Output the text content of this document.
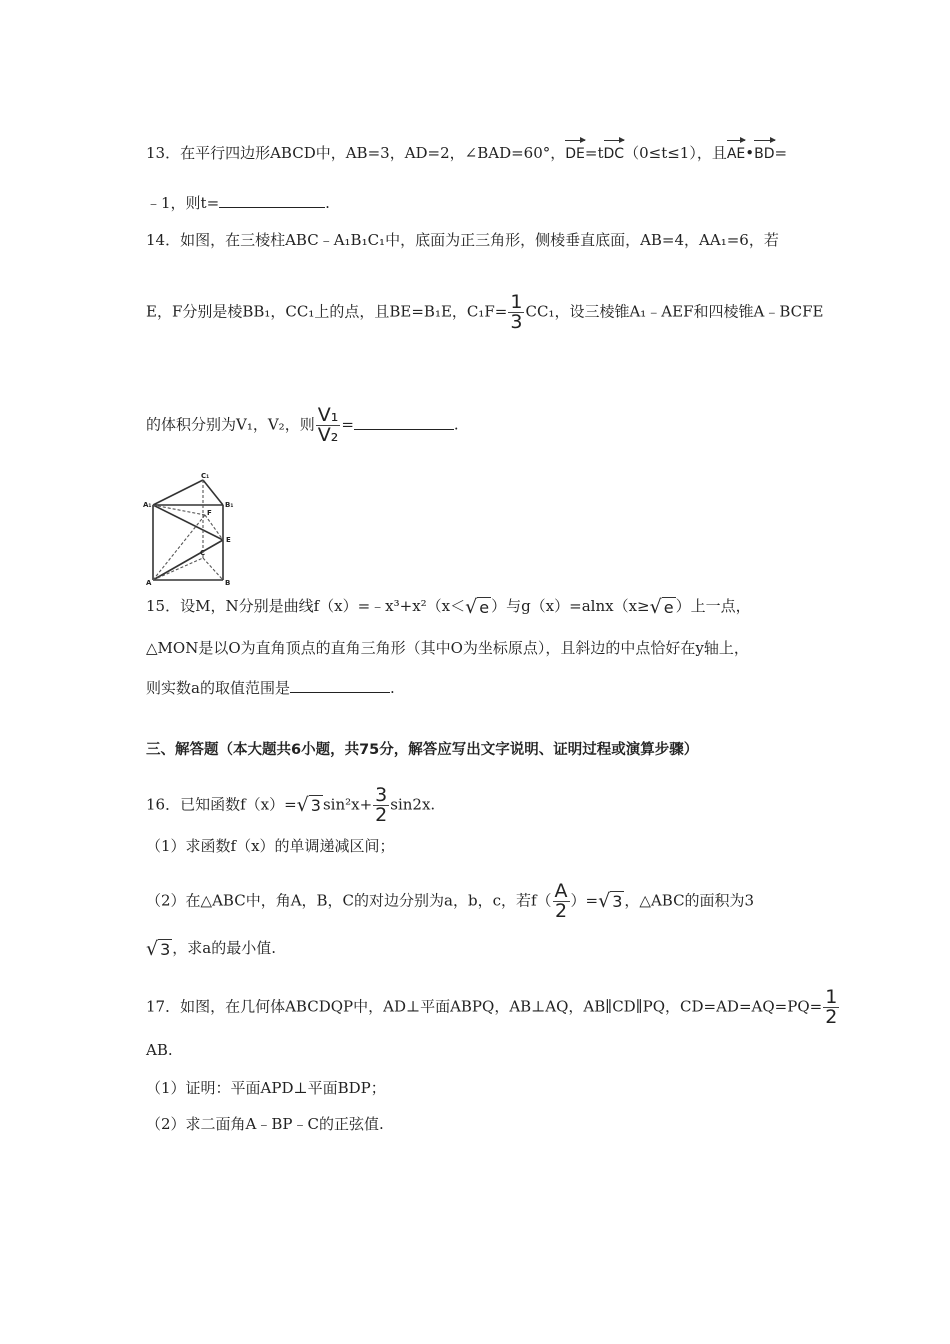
13．在平行四边形ABCD中，AB=3，AD=2，∠BAD=60°，DE=tDC（0≤t≤1），且AE•BD=
﹣1，则t=	.
14．如图，在三棱柱ABC﹣A₁B₁C₁中，底面为正三角形，侧棱垂直底面，AB=4，AA₁=6，若
E，F分别是棱BB₁，CC₁上的点，且BE=B₁E，$C_1F= \frac{1}{3} CC_1$，设三棱锥A₁﹣AEF和四棱锥A﹣BCFE
的体积分别为V₁，V₂，则 $\frac{\text{V₁}}{\text{V₂}}$ =	.
C₁
A₁	B₁
F
E
C
A	B
15．设M，N分别是曲线f（x）=﹣x³+x²（x＜√ e ）与g（x）=alnx（x≥√ e ）上一点，
△MON是以O为直角顶点的直角三角形（其中O为坐标原点），且斜边的中点恰好在y轴上，
则实数a的取值范围是	.
三、解答题（本大题共6小题，共75分，解答应写出文字说明、证明过程或演算步骤）
16．已知函数f（x）=√ 3 $\sin^2x+ \frac{3}{2} \sin 2x$.
（1）求函数f（x）的单调递减区间；
（2）在△ABC中，角A，B，C的对边分别为a，b，c，若$f( \frac{A}{2}$ ）=√ 3 ，△ABC的面积为3
√ 3 ，求a的最小值.
17．如图，在几何体ABCDQP中，AD⊥平面ABPQ，AB⊥AQ，AB∥CD∥PQ，$CD=AD=AQ=PQ= \frac{1}{2}$
AB.
（1）证明：平面APD⊥平面BDP；
（2）求二面角A﹣BP﹣C的正弦值.
